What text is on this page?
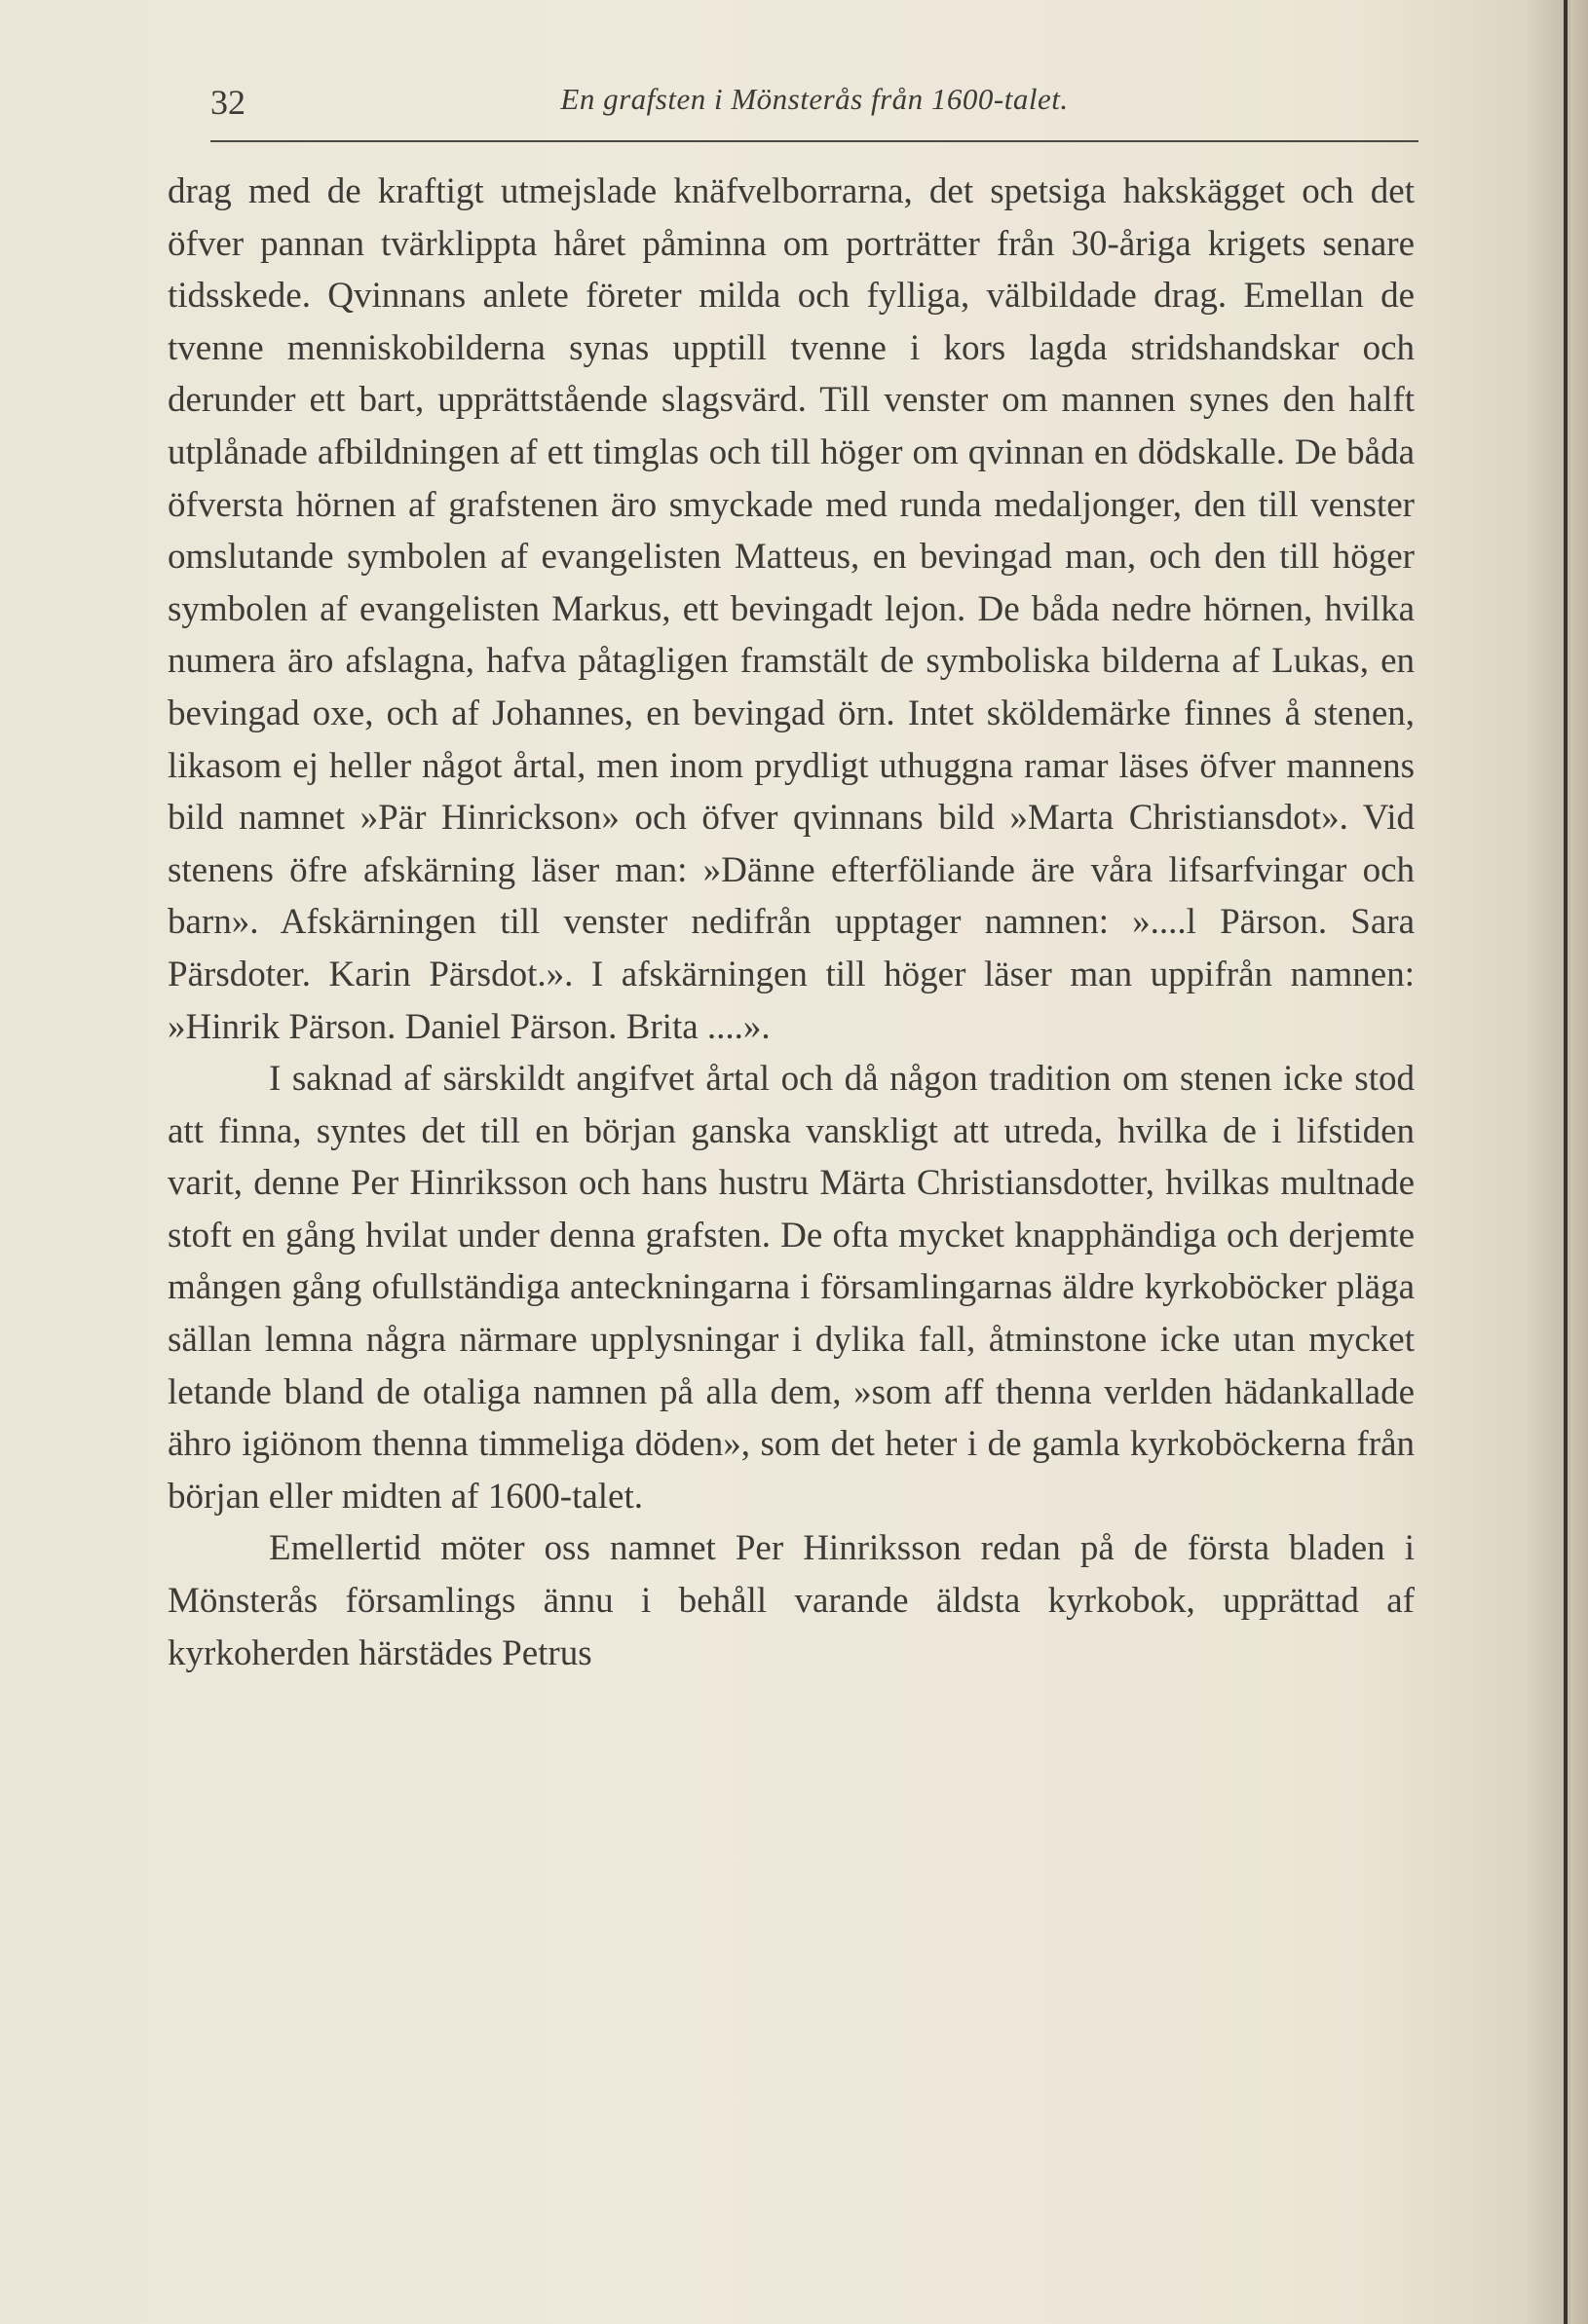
32	En grafsten i Mönsterås från 1600-talet.

drag med de kraftigt utmejslade knäfvelborrarna, det spetsiga hakskägget och det öfver pannan tvärklippta håret påminna om porträtter från 30-åriga krigets senare tidsskede. Qvinnans anlete företer milda och fylliga, välbildade drag. Emellan de tvenne menniskobilderna synas upptill tvenne i kors lagda stridshandskar och derunder ett bart, upprättstående slagsvärd. Till venster om mannen synes den halft utplånade afbildningen af ett timglas och till höger om qvinnan en dödskalle. De båda öfversta hörnen af grafstenen äro smyckade med runda medaljonger, den till venster omslutande symbolen af evangelisten Matteus, en bevingad man, och den till höger symbolen af evangelisten Markus, ett bevingadt lejon. De båda nedre hörnen, hvilka numera äro afslagna, hafva påtagligen framstält de symboliska bilderna af Lukas, en bevingad oxe, och af Johannes, en bevingad örn. Intet sköldemärke finnes å stenen, likasom ej heller något årtal, men inom prydligt uthuggna ramar läses öfver mannens bild namnet »Pär Hinrickson» och öfver qvinnans bild »Marta Christiansdot». Vid stenens öfre afskärning läser man: »Dänne efterföliande äre våra lifsarfvingar och barn». Afskärningen till venster nedifrån upptager namnen: »....l Pärson. Sara Pärsdoter. Karin Pärsdot.». I afskärningen till höger läser man uppifrån namnen: »Hinrik Pärson. Daniel Pärson. Brita ....».

I saknad af särskildt angifvet årtal och då någon tradition om stenen icke stod att finna, syntes det till en början ganska vanskligt att utreda, hvilka de i lifstiden varit, denne Per Hinriksson och hans hustru Märta Christiansdotter, hvilkas multnade stoft en gång hvilat under denna grafsten. De ofta mycket knapphändiga och derjemte mången gång ofullständiga anteckningarna i församlingarnas äldre kyrkoböcker pläga sällan lemna några närmare upplysningar i dylika fall, åtminstone icke utan mycket letande bland de otaliga namnen på alla dem, »som aff thenna verlden hädankallade ähro igiönom thenna timmeliga döden», som det heter i de gamla kyrkoböckerna från början eller midten af 1600-talet.

Emellertid möter oss namnet Per Hinriksson redan på de första bladen i Mönsterås församlings ännu i behåll varande äldsta kyrkobok, upprättad af kyrkoherden härstädes Petrus
